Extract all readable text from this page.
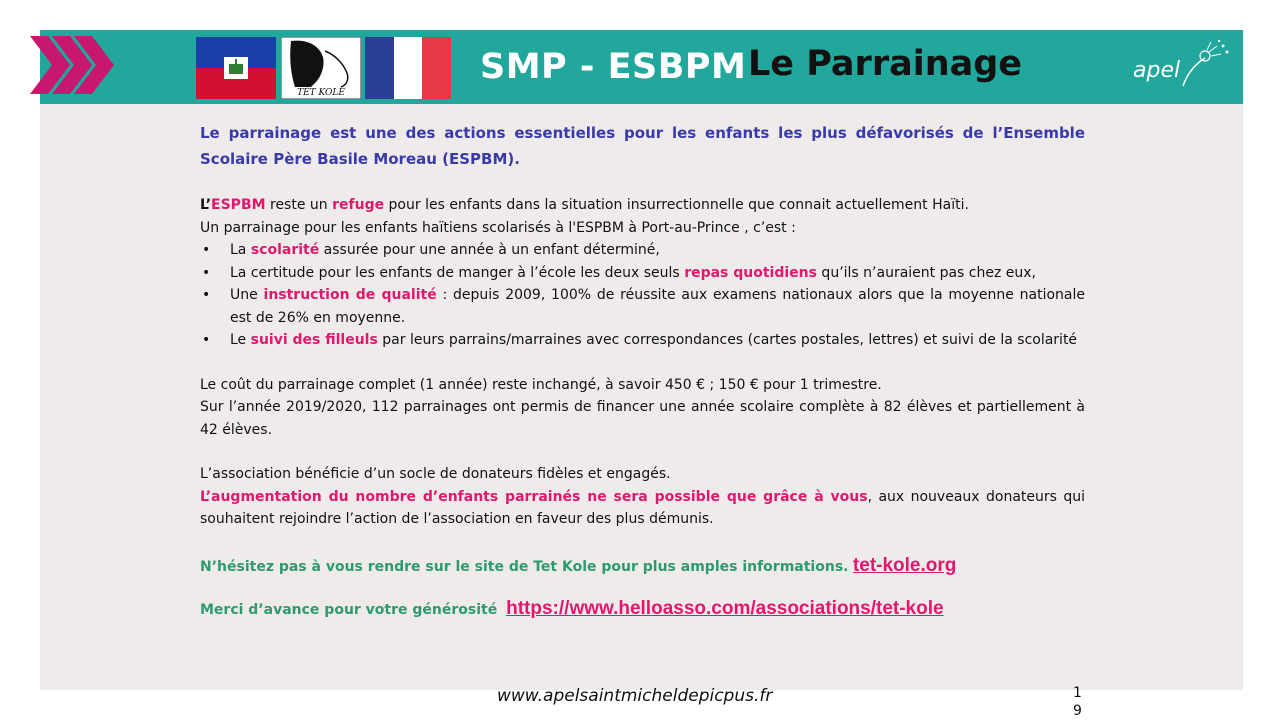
TÈT KOLE
SMP - ESBPM Le Parrainage	apel

Le parrainage est une des actions essentielles pour les enfants les plus défavorisés de l’Ensemble Scolaire Père Basile Moreau (ESPBM).

L’ESPBM reste un refuge pour les enfants dans la situation insurrectionnelle que connait actuellement Haïti.

Un parrainage pour les enfants haïtiens scolarisés à l'ESPBM à Port-au-Prince , c’est :

• La scolarité assurée pour une année à un enfant déterminé,
• La certitude pour les enfants de manger à l’école les deux seuls repas quotidiens qu’ils n’auraient pas chez eux,
• Une instruction de qualité : depuis 2009, 100% de réussite aux examens nationaux alors que la moyenne nationale est de 26% en moyenne.
• Le suivi des filleuls par leurs parrains/marraines avec correspondances (cartes postales, lettres) et suivi de la scolarité

Le coût du parrainage complet (1 année) reste inchangé, à savoir 450 € ; 150 € pour 1 trimestre.

Sur l’année 2019/2020, 112 parrainages ont permis de financer une année scolaire complète à 82 élèves et partiellement à 42 élèves.

L’association bénéficie d’un socle de donateurs fidèles et engagés.

L’augmentation du nombre d’enfants parrainés ne sera possible que grâce à vous, aux nouveaux donateurs qui souhaitent rejoindre l’action de l’association en faveur des plus démunis.

N’hésitez pas à vous rendre sur le site de Tet Kole pour plus amples informations. tet-kole.org

Merci d’avance pour votre générosité https://www.helloasso.com/associations/tet-kole

www.apelsaintmicheldepicpus.fr	19
